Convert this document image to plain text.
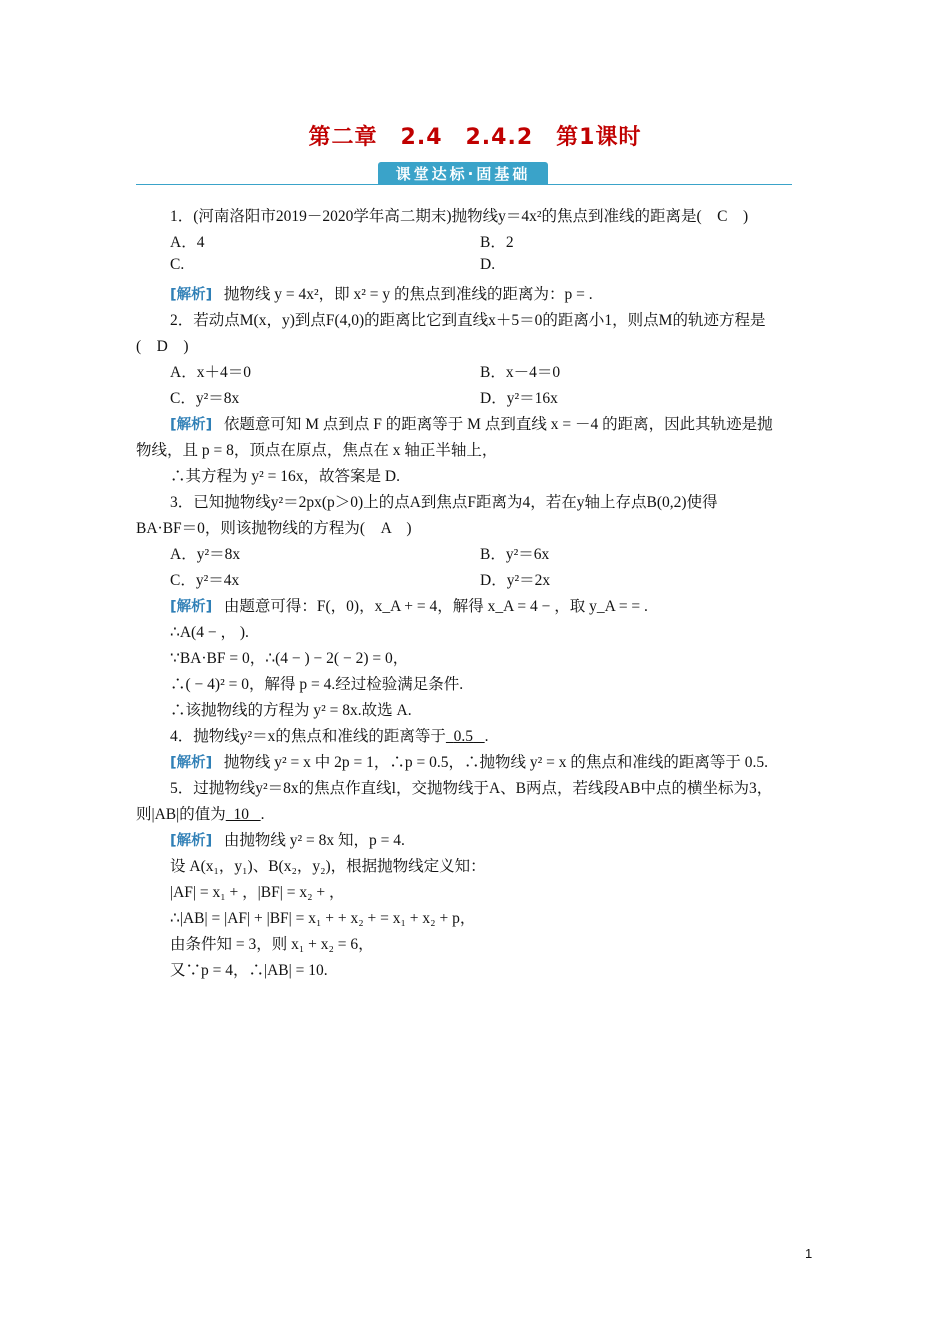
第二章　2.4　2.4.2　第1课时
课堂达标·固基础
1．(河南洛阳市2019－2020学年高二期末)抛物线y＝4x²的焦点到准线的距离是(　C　)
A．4	B．2
C.	D.
[解析] 抛物线 y = 4x²，即 x² = y 的焦点到准线的距离为：p = .
2．若动点M(x，y)到点F(4,0)的距离比它到直线x＋5＝0的距离小1，则点M的轨迹方程是
(　D　)
A．x＋4＝0	B．x－4＝0
C．y²＝8x	D．y²＝16x
[解析] 依题意可知 M 点到点 F 的距离等于 M 点到直线 x = －4 的距离，因此其轨迹是抛
物线，且 p = 8，顶点在原点，焦点在 x 轴正半轴上，
∴其方程为 y² = 16x，故答案是 D.
3．已知抛物线y²＝2px(p＞0)上的点A到焦点F距离为4，若在y轴上存点B(0,2)使得
BA·BF＝0，则该抛物线的方程为(　A　)
A．y²＝8x	B．y²＝6x
C．y²＝4x	D．y²＝2x
[解析] 由题意可得：F(，0)，x_A + = 4，解得 x_A = 4 − ，取 y_A = = .
∴A(4 − ， ).
∵BA·BF = 0，∴(4 − ) − 2( − 2) = 0，
∴( − 4)² = 0，解得 p = 4.经过检验满足条件.
∴该抛物线的方程为 y² = 8x.故选 A.
4．抛物线y²＝x的焦点和准线的距离等于 0.5 .
[解析] 抛物线 y² = x 中 2p = 1，∴p = 0.5，∴抛物线 y² = x 的焦点和准线的距离等于 0.5.
5．过抛物线y²＝8x的焦点作直线l，交抛物线于A、B两点，若线段AB中点的横坐标为3，
则|AB|的值为 10 .
[解析] 由抛物线 y² = 8x 知，p = 4.
设 A(x₁，y₁)、B(x₂，y₂)，根据抛物线定义知：
|AF| = x₁ + ，|BF| = x₂ + ，
∴|AB| = |AF| + |BF| = x₁ + + x₂ + = x₁ + x₂ + p，
由条件知 = 3，则 x₁ + x₂ = 6，
又∵p = 4，∴|AB| = 10.
1
